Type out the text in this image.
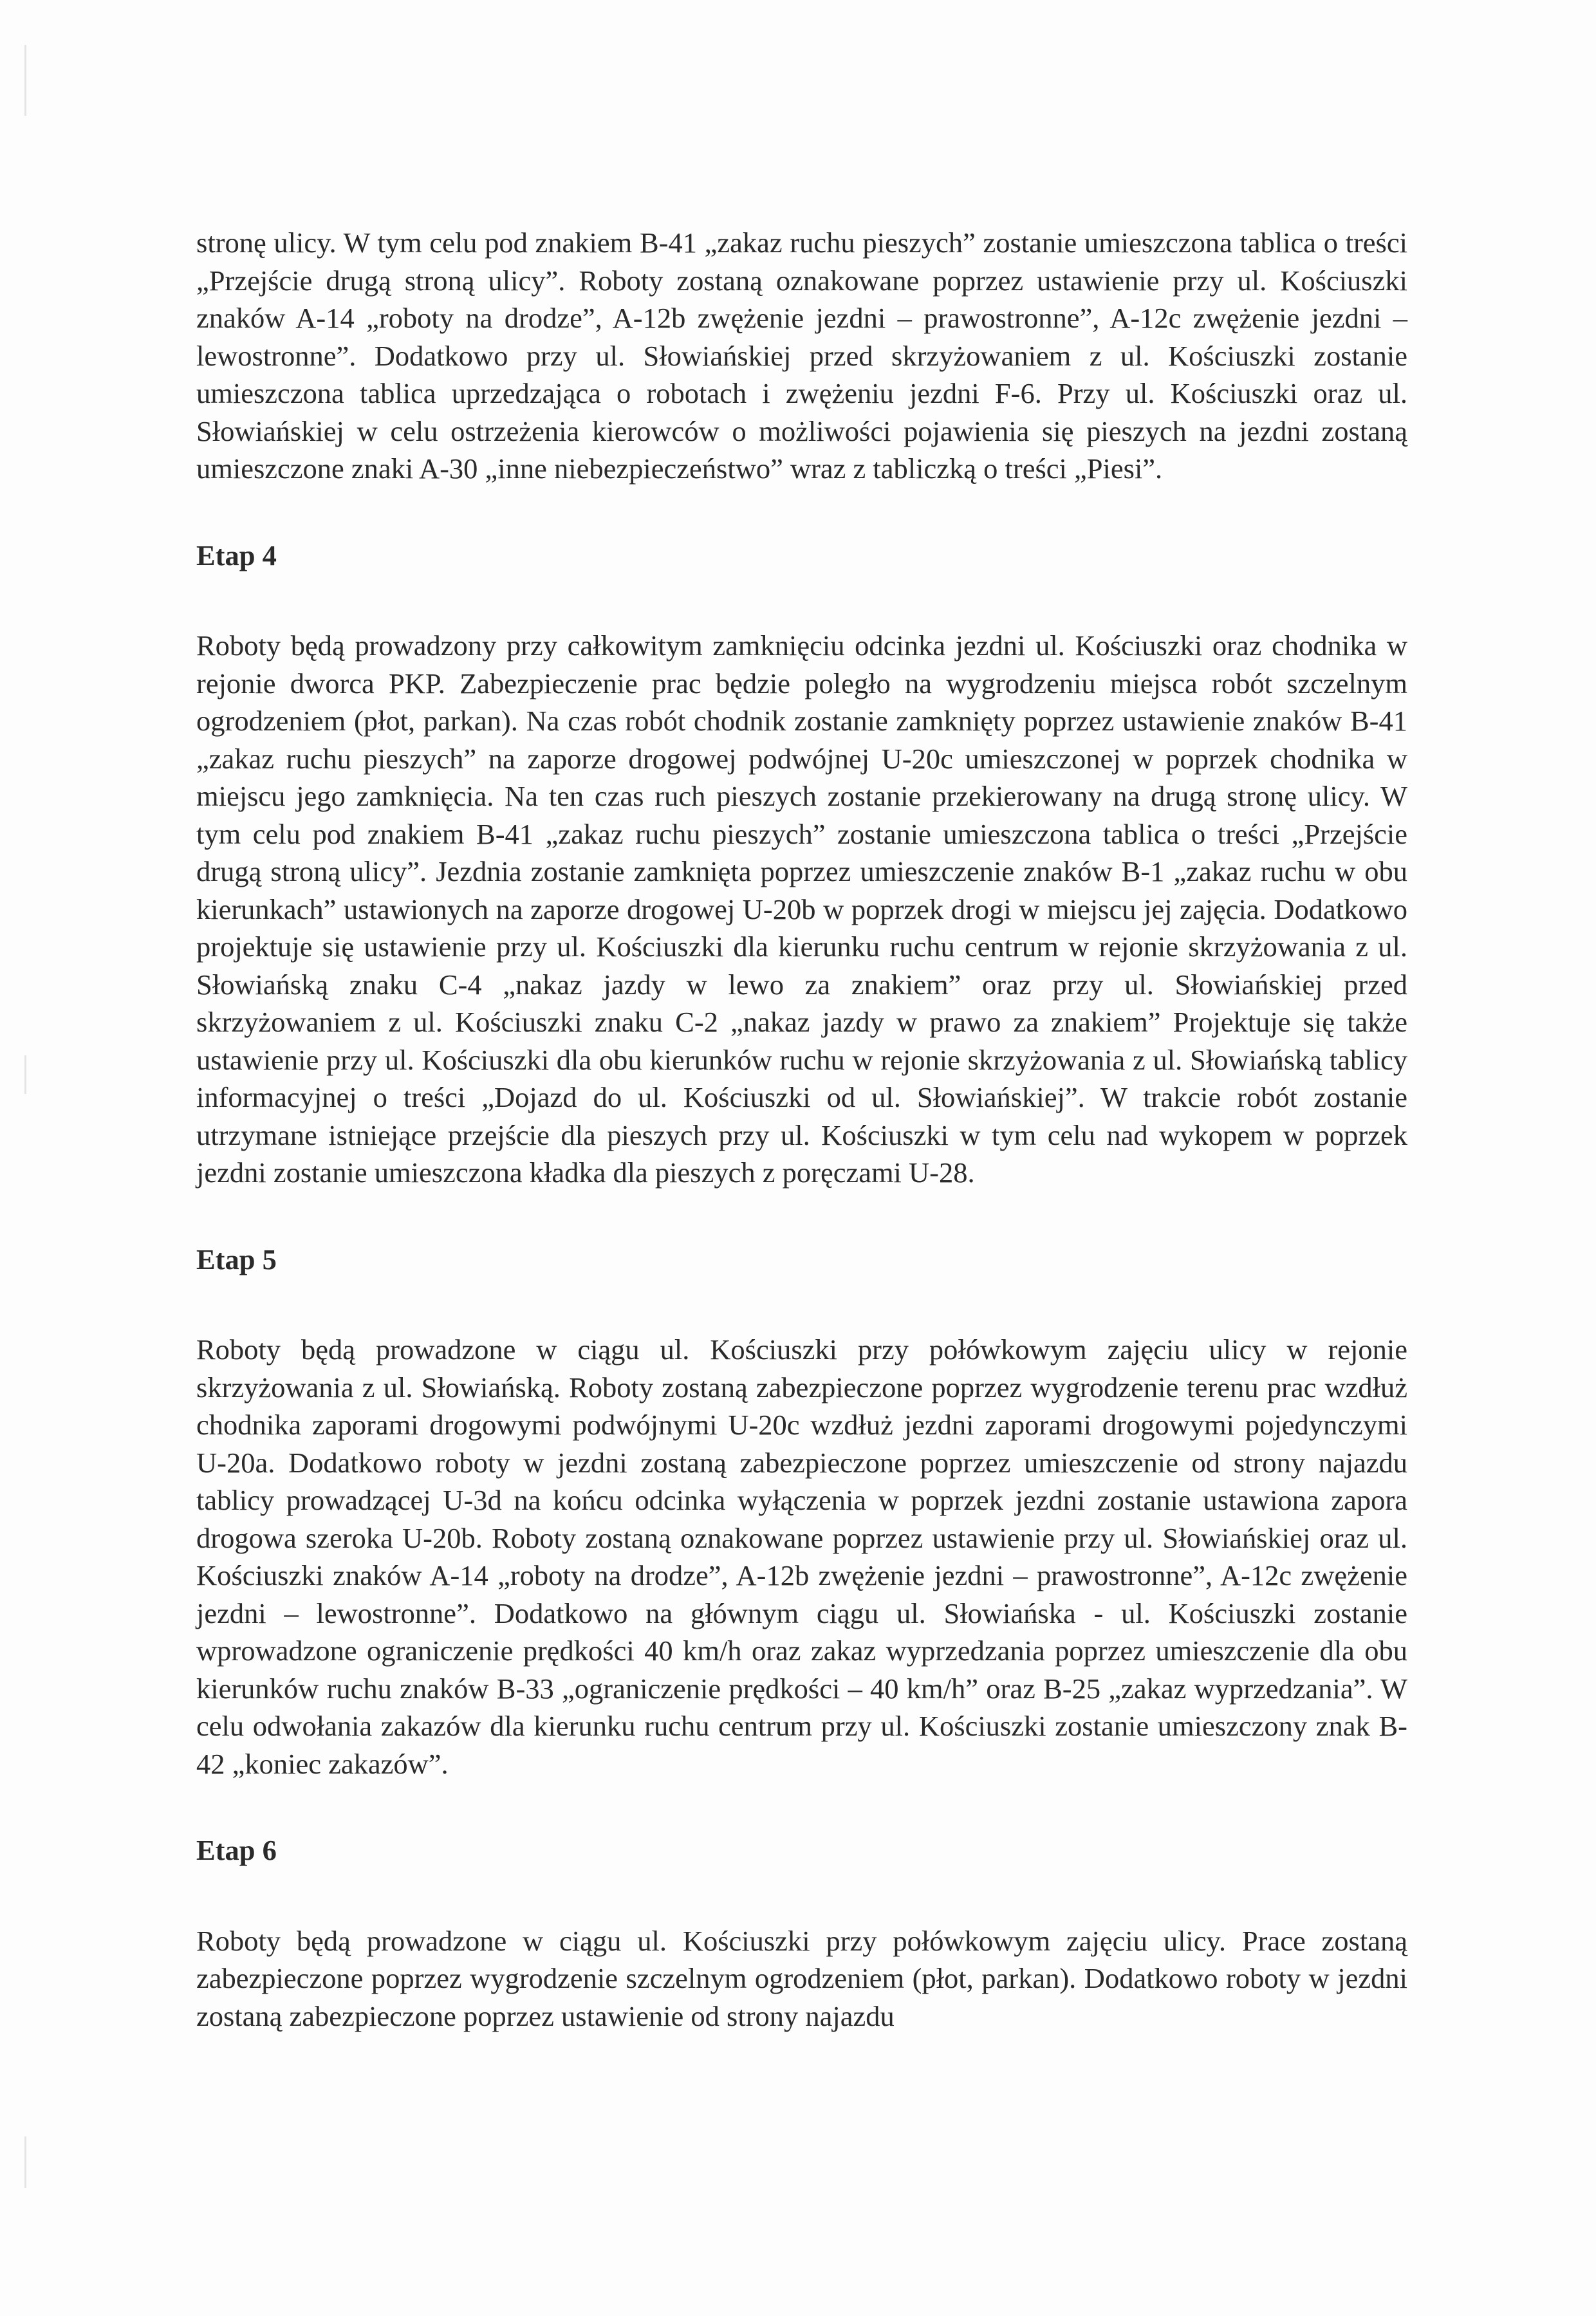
stronę ulicy. W tym celu pod znakiem B-41 „zakaz ruchu pieszych” zostanie umieszczona tablica o treści „Przejście drugą stroną ulicy”. Roboty zostaną oznakowane poprzez ustawienie przy ul. Kościuszki znaków A-14 „roboty na drodze”, A-12b zwężenie jezdni – prawostronne”, A-12c zwężenie jezdni – lewostronne”. Dodatkowo przy ul. Słowiańskiej przed skrzyżowaniem z ul. Kościuszki zostanie umieszczona tablica uprzedzająca o robotach i zwężeniu jezdni F-6. Przy ul. Kościuszki oraz ul. Słowiańskiej w celu ostrzeżenia kierowców o możliwości pojawienia się pieszych na jezdni zostaną umieszczone znaki A-30 „inne niebezpieczeństwo” wraz z tabliczką o treści „Piesi”.

Etap 4

Roboty będą prowadzony przy całkowitym zamknięciu odcinka jezdni ul. Kościuszki oraz chodnika w rejonie dworca PKP. Zabezpieczenie prac będzie poległo na wygrodzeniu miejsca robót szczelnym ogrodzeniem (płot, parkan). Na czas robót chodnik zostanie zamknięty poprzez ustawienie znaków B-41 „zakaz ruchu pieszych” na zaporze drogowej podwójnej U-20c umieszczonej w poprzek chodnika w miejscu jego zamknięcia. Na ten czas ruch pieszych zostanie przekierowany na drugą stronę ulicy. W tym celu pod znakiem B-41 „zakaz ruchu pieszych” zostanie umieszczona tablica o treści „Przejście drugą stroną ulicy”. Jezdnia zostanie zamknięta poprzez umieszczenie znaków B-1 „zakaz ruchu w obu kierunkach” ustawionych na zaporze drogowej U-20b w poprzek drogi w miejscu jej zajęcia. Dodatkowo projektuje się ustawienie przy ul. Kościuszki dla kierunku ruchu centrum w rejonie skrzyżowania z ul. Słowiańską znaku C-4 „nakaz jazdy w lewo za znakiem” oraz przy ul. Słowiańskiej przed skrzyżowaniem z ul. Kościuszki znaku C-2 „nakaz jazdy w prawo za znakiem” Projektuje się także ustawienie przy ul. Kościuszki dla obu kierunków ruchu w rejonie skrzyżowania z ul. Słowiańską tablicy informacyjnej o treści „Dojazd do ul. Kościuszki od ul. Słowiańskiej”. W trakcie robót zostanie utrzymane istniejące przejście dla pieszych przy ul. Kościuszki w tym celu nad wykopem w poprzek jezdni zostanie umieszczona kładka dla pieszych z poręczami U-28.

Etap 5

Roboty będą prowadzone w ciągu ul. Kościuszki przy połówkowym zajęciu ulicy w rejonie skrzyżowania z ul. Słowiańską. Roboty zostaną zabezpieczone poprzez wygrodzenie terenu prac wzdłuż chodnika zaporami drogowymi podwójnymi U-20c wzdłuż jezdni zaporami drogowymi pojedynczymi U-20a. Dodatkowo roboty w jezdni zostaną zabezpieczone poprzez umieszczenie od strony najazdu tablicy prowadzącej U-3d na końcu odcinka wyłączenia w poprzek jezdni zostanie ustawiona zapora drogowa szeroka U-20b. Roboty zostaną oznakowane poprzez ustawienie przy ul. Słowiańskiej oraz ul. Kościuszki znaków A-14 „roboty na drodze”, A-12b zwężenie jezdni – prawostronne”, A-12c zwężenie jezdni – lewostronne”. Dodatkowo na głównym ciągu ul. Słowiańska - ul. Kościuszki zostanie wprowadzone ograniczenie prędkości 40 km/h oraz zakaz wyprzedzania poprzez umieszczenie dla obu kierunków ruchu znaków B-33 „ograniczenie prędkości – 40 km/h” oraz B-25 „zakaz wyprzedzania”. W celu odwołania zakazów dla kierunku ruchu centrum przy ul. Kościuszki zostanie umieszczony znak B-42 „koniec zakazów”.

Etap 6

Roboty będą prowadzone w ciągu ul. Kościuszki przy połówkowym zajęciu ulicy. Prace zostaną zabezpieczone poprzez wygrodzenie szczelnym ogrodzeniem (płot, parkan). Dodatkowo roboty w jezdni zostaną zabezpieczone poprzez ustawienie od strony najazdu
